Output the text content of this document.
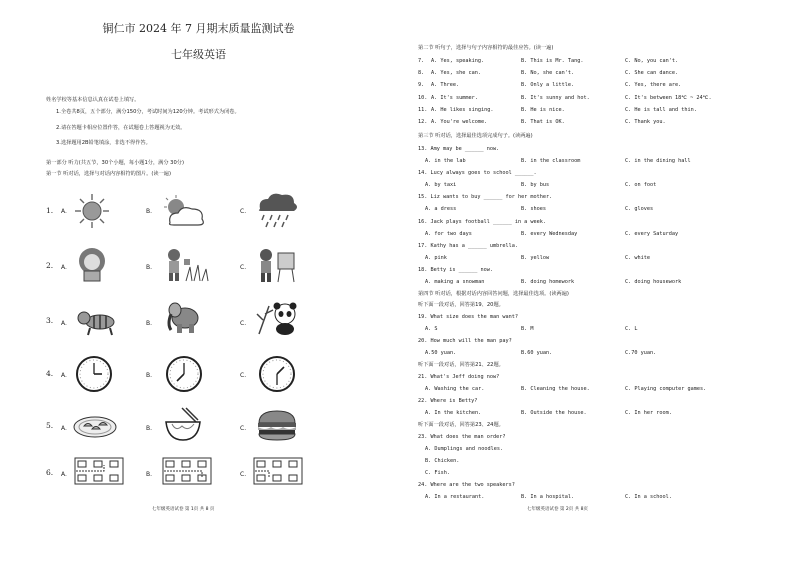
铜仁市 2024 年 7 月期末质量监测试卷
七年级英语
姓名学校等基本信息认真在试卷上填写。
1.全卷共8页，五个部分，满分150分，考试时间为120分钟。考试形式为闭卷。
2.请在答题卡相应位置作答，在试题卷上答题视为无效。
3.选择题用2B铅笔填涂，非选不得作答。
第一部分 听力(共五节，30个小题，每小题1分，满分 30分)
第一节 听对话，选择与对话内容相符的图片。(读一遍)
1. A.	B.	C.
2. A.	B.	C.
3. A.	B.	C.
4. A.	B.	C.
5. A.	B.	C.
6. A.	B.	C.
七年级英语试卷 第 1页 共 8 页
第二节 听句子，选择与句子内容相符的最佳应答。(读一遍)
7. A. Yes, speaking.	B. This is Mr. Tang.	C. No, you can't.
8. A. Yes, she can.	B. No, she can't.	C. She can dance.
9. A. Three.	B. Only a little.	C. Yes, there are.
10. A. It's summer.	B. It's sunny and hot.	C. It's between 18℃ ~ 24℃.
11. A. He likes singing.	B. He is nice.	C. He is tall and thin.
12. A. You're welcome.	B. That is OK.	C. Thank you.
第三节 听对话，选择最佳选项完成句子。(读两遍)
13. Amy may be ______ now.
A. in the lab	B. in the classroom	C. in the dining hall
14. Lucy always goes to school ______.
A. by taxi	B. by bus	C. on foot
15. Liz wants to buy ______ for her mother.
A. a dress	B. shoes	C. gloves
16. Jack plays football ______ in a week.
A. for two days	B. every Wednesday	C. every Saturday
17. Kathy has a ______ umbrella.
A. pink	B. yellow	C. white
18. Betty is ______ now.
A. making a snowman	B. doing homework	C. doing housework
第四节 听对话，根据对话内容回答问题，选择最佳选项。(读两遍)
听下面一段对话，回答第19、20题。
19. What size does the man want?
A. S	B. M	C. L
20. How much will the man pay?
A.50 yuan.	B.60 yuan.	C.70 yuan.
听下面一段对话，回答第21、22题。
21. What's Jeff doing now?
A. Washing the car.	B. Cleaning the house.	C. Playing computer games.
22. Where is Betty?
A. In the kitchen.	B. Outside the house.	C. In her room.
听下面一段对话，回答第23、24题。
23. What does the man order?
A. Dumplings and noodles.
B. Chicken.
C. Fish.
24. Where are the two speakers?
A. In a restaurant.	B. In a hospital.	C. In a school.
七年级英语试卷 第 2页 共 8页
